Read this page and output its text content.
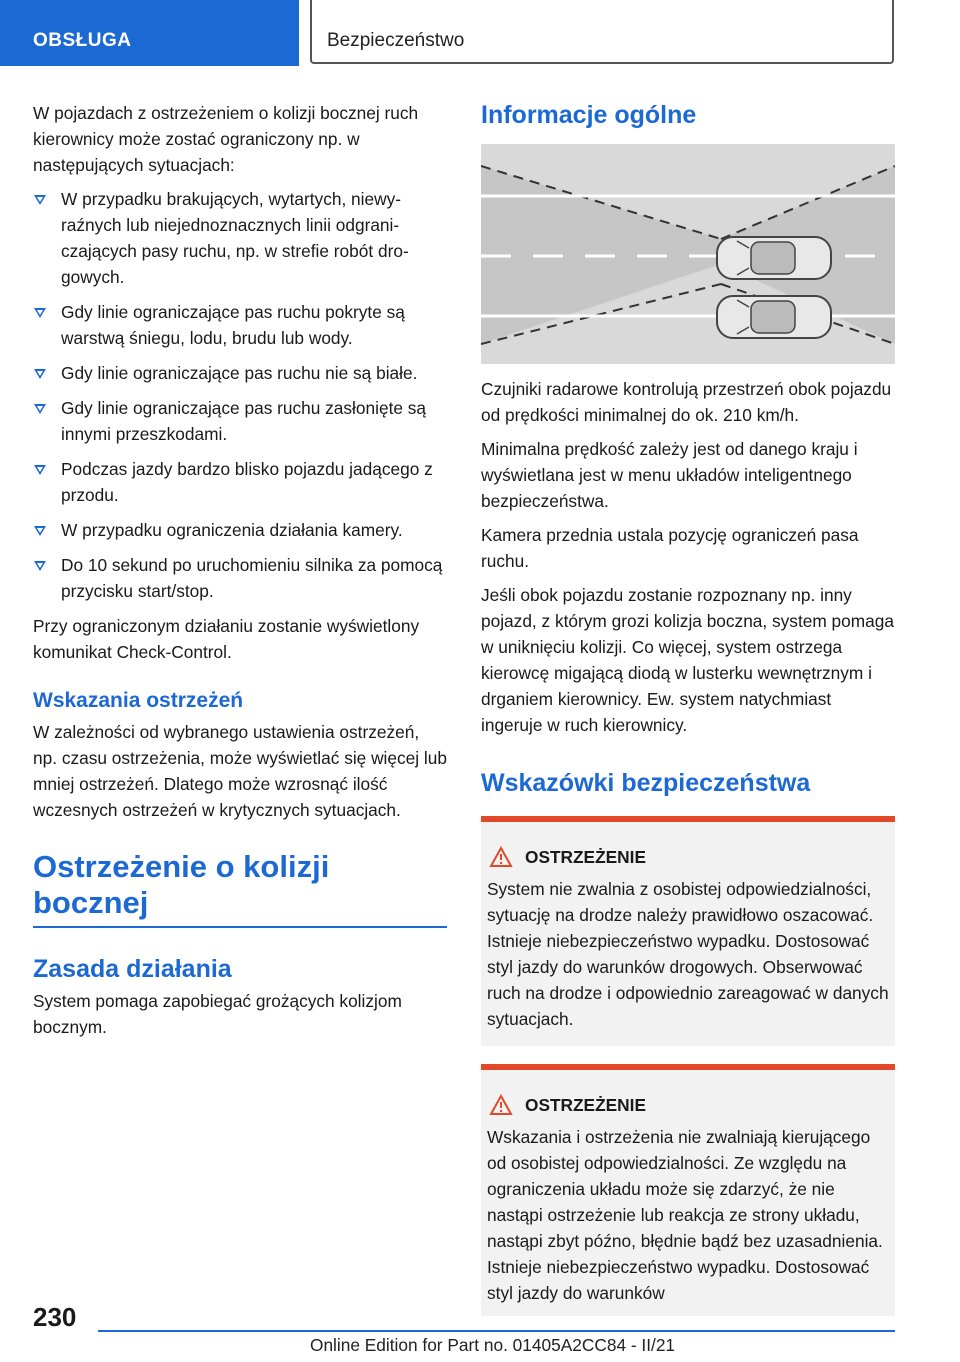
OBSŁUGA	Bezpieczeństwo

W pojazdach z ostrzeżeniem o kolizji bocznej ruch kierownicy może zostać ograniczony np. w następujących sytuacjach:

W przypadku brakujących, wytartych, niewyraźnych lub niejednoznacznych linii odgraniczających pasy ruchu, np. w strefie robót drogowych.
Gdy linie ograniczające pas ruchu pokryte są warstwą śniegu, lodu, brudu lub wody.
Gdy linie ograniczające pas ruchu nie są białe.
Gdy linie ograniczające pas ruchu zasłonięte są innymi przeszkodami.
Podczas jazdy bardzo blisko pojazdu jadącego z przodu.
W przypadku ograniczenia działania kamery.
Do 10 sekund po uruchomieniu silnika za pomocą przycisku start/stop.

Przy ograniczonym działaniu zostanie wyświetlony komunikat Check-Control.

Wskazania ostrzeżeń

W zależności od wybranego ustawienia ostrzeżeń, np. czasu ostrzeżenia, może wyświetlać się więcej lub mniej ostrzeżeń. Dlatego może wzrosnąć ilość wczesnych ostrzeżeń w krytycznych sytuacjach.

Ostrzeżenie o kolizji bocznej
Zasada działania

System pomaga zapobiegać grożących kolizjom bocznym.

Informacje ogólne

Czujniki radarowe kontrolują przestrzeń obok pojazdu od prędkości minimalnej do ok. 210 km/h.

Minimalna prędkość zależy jest od danego kraju i wyświetlana jest w menu układów inteligentnego bezpieczeństwa.

Kamera przednia ustala pozycję ograniczeń pasa ruchu.

Jeśli obok pojazdu zostanie rozpoznany np. inny pojazd, z którym grozi kolizja boczna, system pomaga w uniknięciu kolizji. Co więcej, system ostrzega kierowcę migającą diodą w lusterku wewnętrznym i drganiem kierownicy. Ew. system natychmiast ingeruje w ruch kierownicy.

Wskazówki bezpieczeństwa
OSTRZEŻENIE
System nie zwalnia z osobistej odpowiedzialności, sytuację na drodze należy prawidłowo oszacować. Istnieje niebezpieczeństwo wypadku. Dostosować styl jazdy do warunków drogowych. Obserwować ruch na drodze i odpowiednio zareagować w danych sytuacjach.
OSTRZEŻENIE
Wskazania i ostrzeżenia nie zwalniają kierującego od osobistej odpowiedzialności. Ze względu na ograniczenia układu może się zdarzyć, że nie nastąpi ostrzeżenie lub reakcja ze strony układu, nastąpi zbyt późno, błędnie bądź bez uzasadnienia. Istnieje niebezpieczeństwo wypadku. Dostosować styl jazdy do warunków
230
Online Edition for Part no. 01405A2CC84 - II/21
